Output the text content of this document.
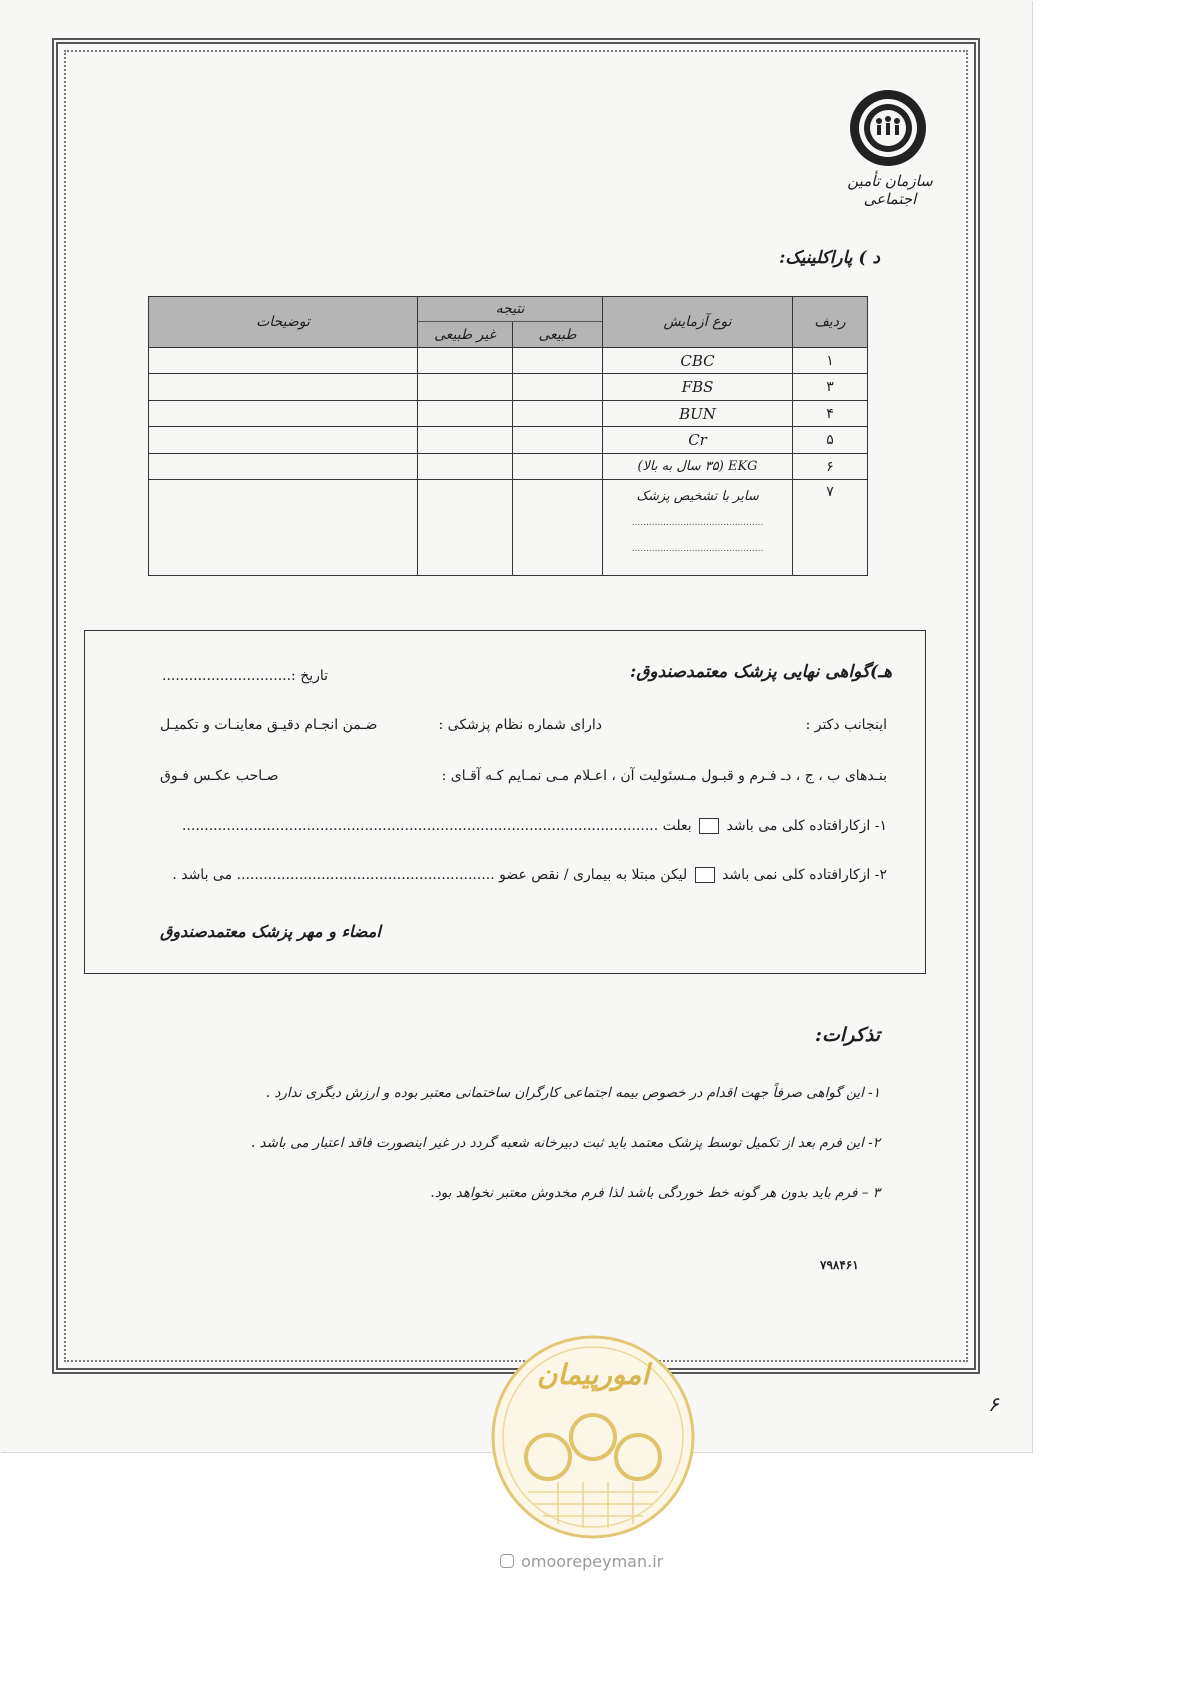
سازمان تأمین اجتماعی
د ) پاراکلینیک:
ردیف	نوع آزمایش	نتیجه		توضیحات
		طبیعی	غیر طبیعی	
۱	CBC			
۳	FBS			
۴	BUN			
۵	Cr			
۶	EKG (۳۵ سال به بالا)			
۷	سایر با تشخیص پزشک
..............................................
..............................................			

هـ)گواهی نهایی پزشک معتمدصندوق:
تاریخ :.............................
اینجانب دکتر :
دارای شماره نظام پزشکی :
ضـمن انجـام دقیـق معاینـات و تکمیـل
بنـدهای ب ، ج ، د‌ـ فـرم و قبـول مـسئولیت آن ، اعـلام مـی نمـایم کـه آقـای :
صـاحب عکـس فـوق
۱- ازکارافتاده کلی می باشد  بعلت ...........................................................................................................
۲- ازکارافتاده کلی نمی باشد  لیکن مبتلا به بیماری / نقص عضو .......................................................... می باشد .
امضاء و مهر پزشک معتمدصندوق
تذکرات:
۱- این گواهی صرفاً جهت اقدام در خصوص بیمه اجتماعی کارگران ساختمانی معتبر بوده و ارزش دیگری ندارد .
۲- این فرم بعد از تکمیل توسط پزشک معتمد باید ثبت دبیرخانه شعبه گردد در غیر اینصورت فاقد اعتبار می باشد .
۳ – فرم باید بدون هر گونه خط خوردگی باشد لذا فرم مخدوش معتبر نخواهد بود.
۷۹۸۴۶۱
۶
امورپیمان
omoorepeyman.ir
